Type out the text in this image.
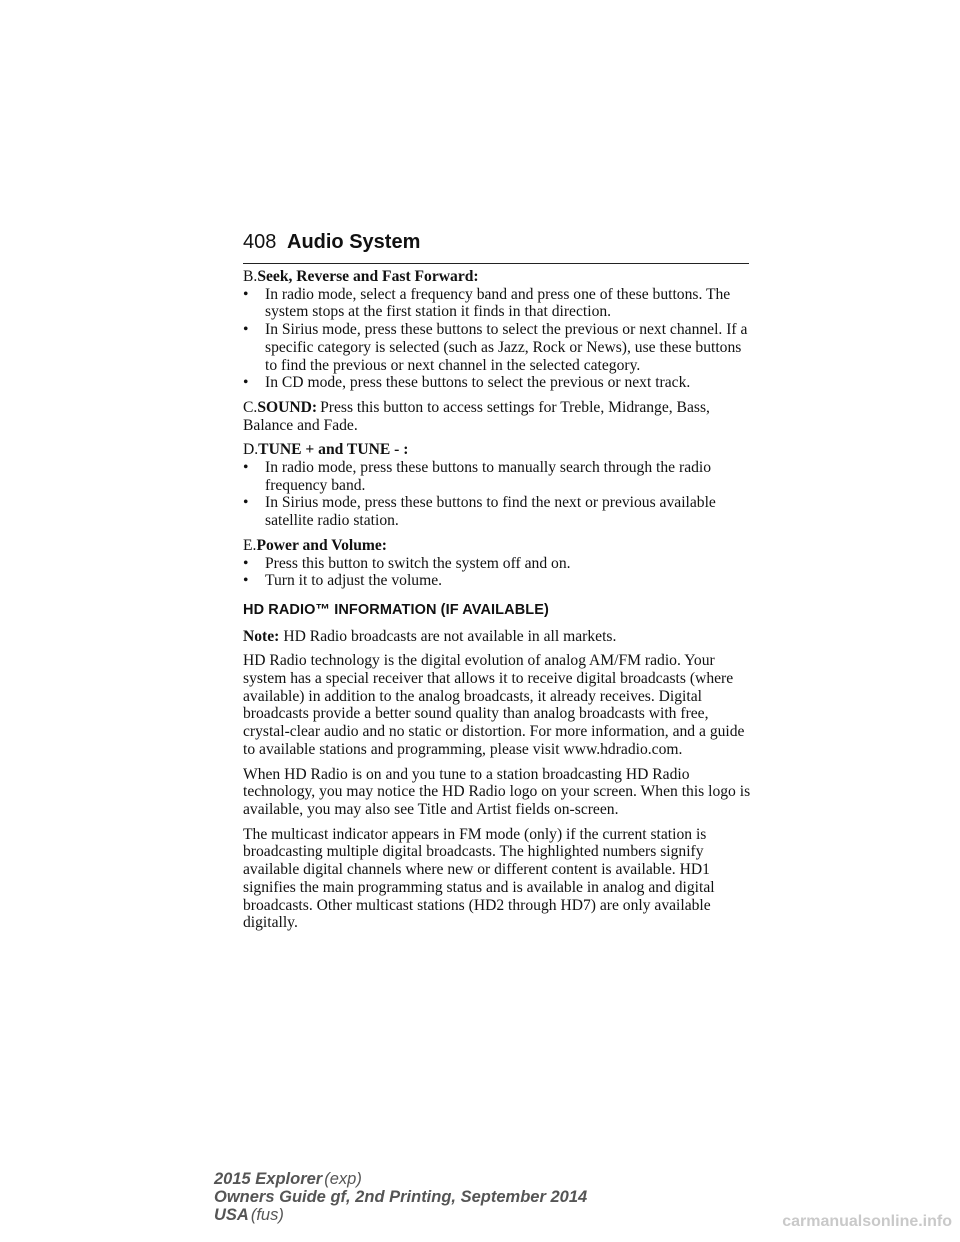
408 Audio System

B.Seek, Reverse and Fast Forward:

•	In radio mode, select a frequency band and press one of these buttons. The system stops at the first station it finds in that direction.
•	In Sirius mode, press these buttons to select the previous or next channel. If a specific category is selected (such as Jazz, Rock or News), use these buttons to find the previous or next channel in the selected category.
•	In CD mode, press these buttons to select the previous or next track.

C.SOUND: Press this button to access settings for Treble, Midrange, Bass, Balance and Fade.

D.TUNE + and TUNE - :

•	In radio mode, press these buttons to manually search through the radio frequency band.
•	In Sirius mode, press these buttons to find the next or previous available satellite radio station.

E.Power and Volume:

•	Press this button to switch the system off and on.
•	Turn it to adjust the volume.
HD RADIO™ INFORMATION (IF AVAILABLE)

Note: HD Radio broadcasts are not available in all markets.

HD Radio technology is the digital evolution of analog AM/FM radio. Your system has a special receiver that allows it to receive digital broadcasts (where available) in addition to the analog broadcasts, it already receives. Digital broadcasts provide a better sound quality than analog broadcasts with free, crystal-clear audio and no static or distortion. For more information, and a guide to available stations and programming, please visit www.hdradio.com.

When HD Radio is on and you tune to a station broadcasting HD Radio technology, you may notice the HD Radio logo on your screen. When this logo is available, you may also see Title and Artist fields on-screen.

The multicast indicator appears in FM mode (only) if the current station is broadcasting multiple digital broadcasts. The highlighted numbers signify available digital channels where new or different content is available. HD1 signifies the main programming status and is available in analog and digital broadcasts. Other multicast stations (HD2 through HD7) are only available digitally.

2015 Explorer (exp)
Owners Guide gf, 2nd Printing, September 2014
USA (fus)	carmanualsonline.info
